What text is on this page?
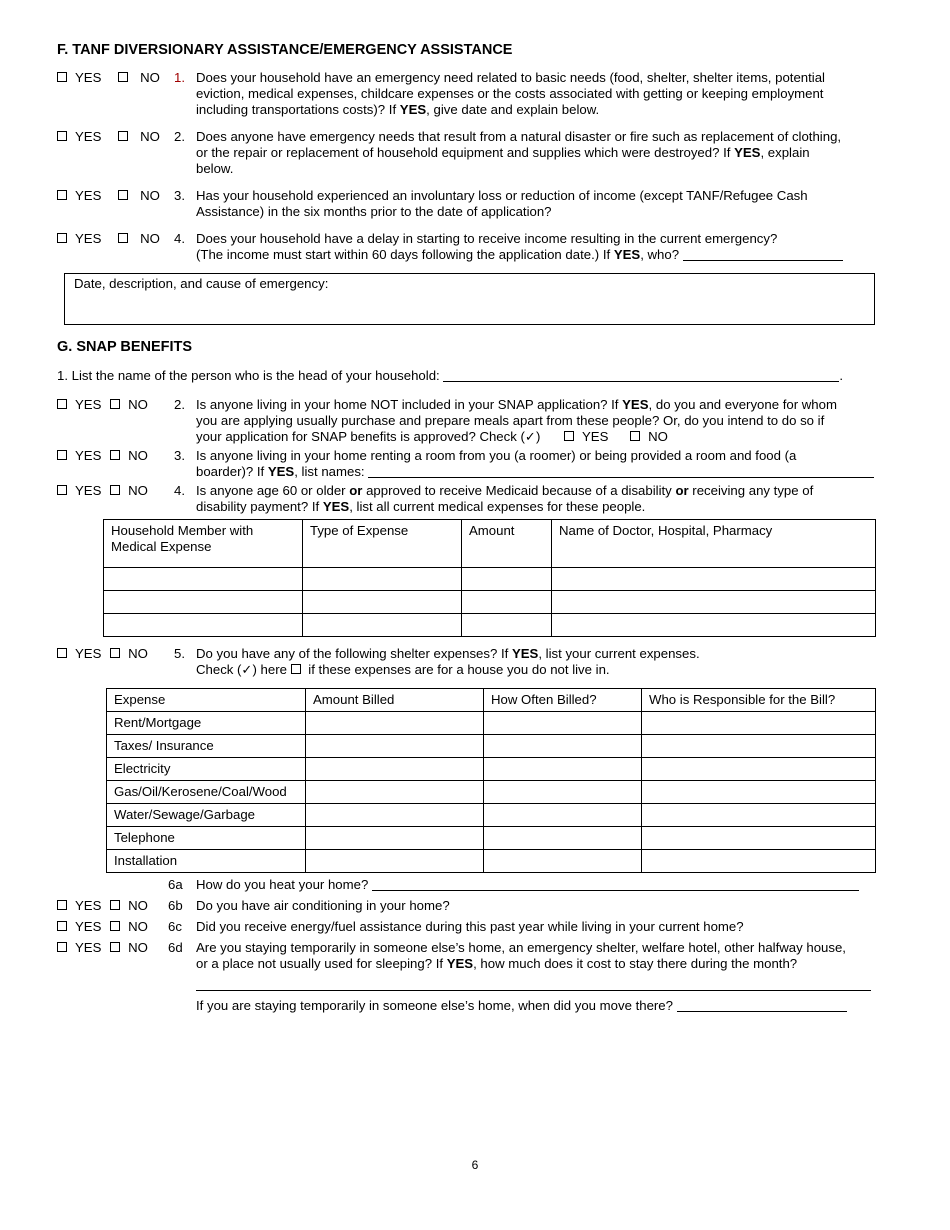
F. TANF DIVERSIONARY ASSISTANCE/EMERGENCY ASSISTANCE
YES	NO 1. Does your household have an emergency need related to basic needs (food, shelter, shelter items, potential
eviction, medical expenses, childcare expenses or the costs associated with getting or keeping employment
including transportations costs)? If YES, give date and explain below.
YES	NO 2. Does anyone have emergency needs that result from a natural disaster or fire such as replacement of clothing,
or the repair or replacement of household equipment and supplies which were destroyed? If YES, explain
below.
YES	NO 3. Has your household experienced an involuntary loss or reduction of income (except TANF/Refugee Cash
Assistance) in the six months prior to the date of application?
YES	NO 4. Does your household have a delay in starting to receive income resulting in the current emergency?
(The income must start within 60 days following the application date.) If YES, who?
Date, description, and cause of emergency:
G. SNAP BENEFITS
1. List the name of the person who is the head of your household:	.
YES NO 2. Is anyone living in your home NOT included in your SNAP application? If YES, do you and everyone for whom
you are applying usually purchase and prepare meals apart from these people? Or, do you intend to do so if
your application for SNAP benefits is approved? Check (✓)	YES	NO
YES NO 3. Is anyone living in your home renting a room from you (a roomer) or being provided a room and food (a
boarder)? If YES, list names:
YES NO 4. Is anyone age 60 or older or approved to receive Medicaid because of a disability or receiving any type of
disability payment? If YES, list all current medical expenses for these people.
Household Member with Medical Expense	Type of Expense	Amount	Name of Doctor, Hospital, Pharmacy

YES NO 5. Do you have any of the following shelter expenses? If YES, list your current expenses.
Check (✓) here  if these expenses are for a house you do not live in.
Expense	Amount Billed	How Often Billed?	Who is Responsible for the Bill?
Rent/Mortgage			
Taxes/ Insurance			
Electricity			
Gas/Oil/Kerosene/Coal/Wood			
Water/Sewage/Garbage			
Telephone			
Installation			
6a How do you heat your home?
YES NO 6b Do you have air conditioning in your home?
YES NO 6c Did you receive energy/fuel assistance during this past year while living in your current home?
YES NO 6d Are you staying temporarily in someone else’s home, an emergency shelter, welfare hotel, other halfway house,
or a place not usually used for sleeping? If YES, how much does it cost to stay there during the month?
If you are staying temporarily in someone else’s home, when did you move there?
6
